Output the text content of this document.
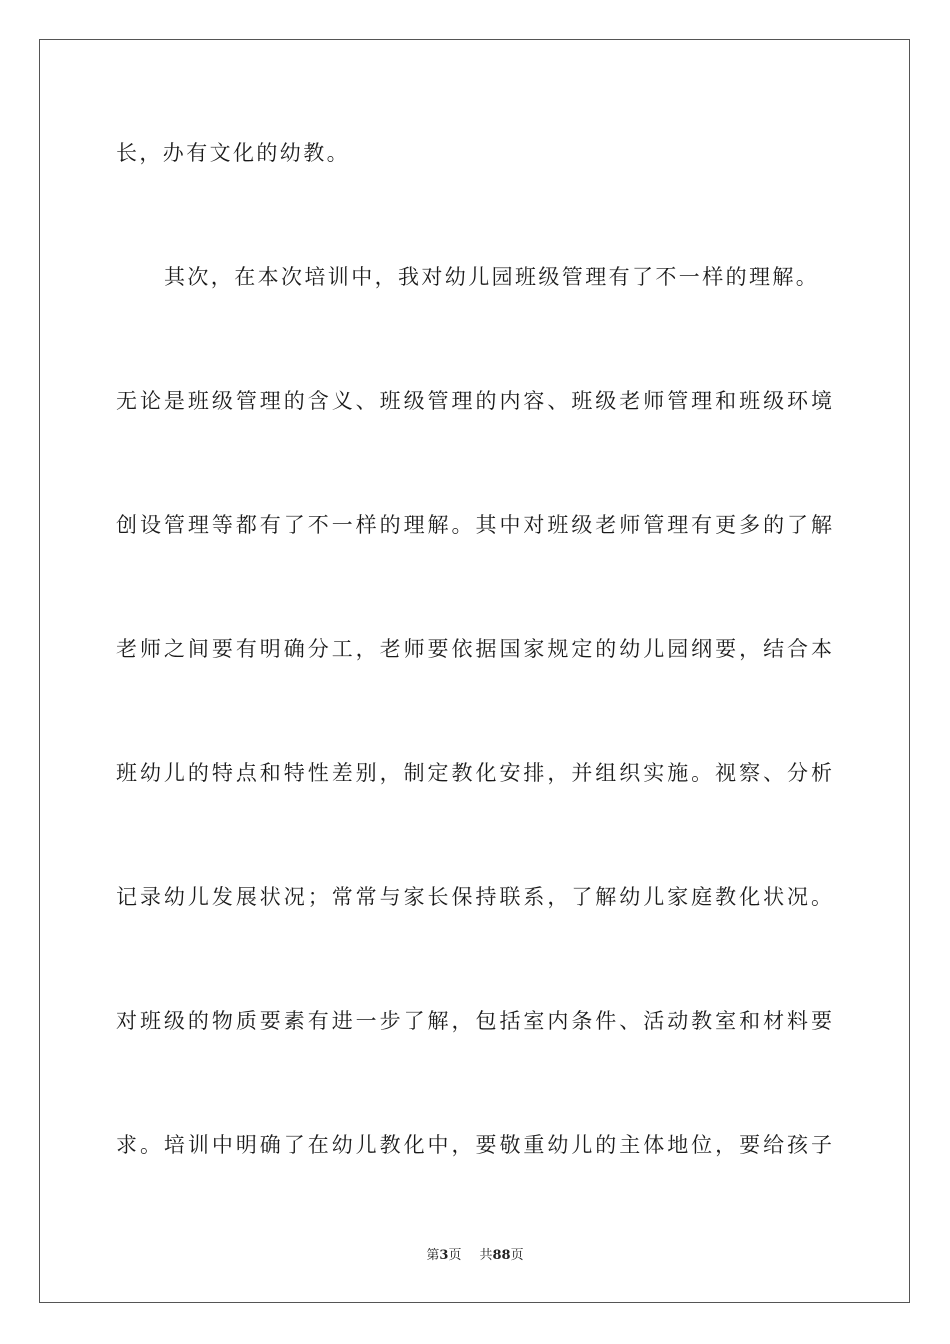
长，办有文化的幼教。
其次，在本次培训中，我对幼儿园班级管理有了不一样的理解。
无论是班级管理的含义、班级管理的内容、班级老师管理和班级环境
创设管理等都有了不一样的理解。其中对班级老师管理有更多的了解
老师之间要有明确分工，老师要依据国家规定的幼儿园纲要，结合本
班幼儿的特点和特性差别，制定教化安排，并组织实施。视察、分析
记录幼儿发展状况；常常与家长保持联系，了解幼儿家庭教化状况。
对班级的物质要素有进一步了解，包括室内条件、活动教室和材料要
求。培训中明确了在幼儿教化中，要敬重幼儿的主体地位，要给孩子
第3页 共88页
